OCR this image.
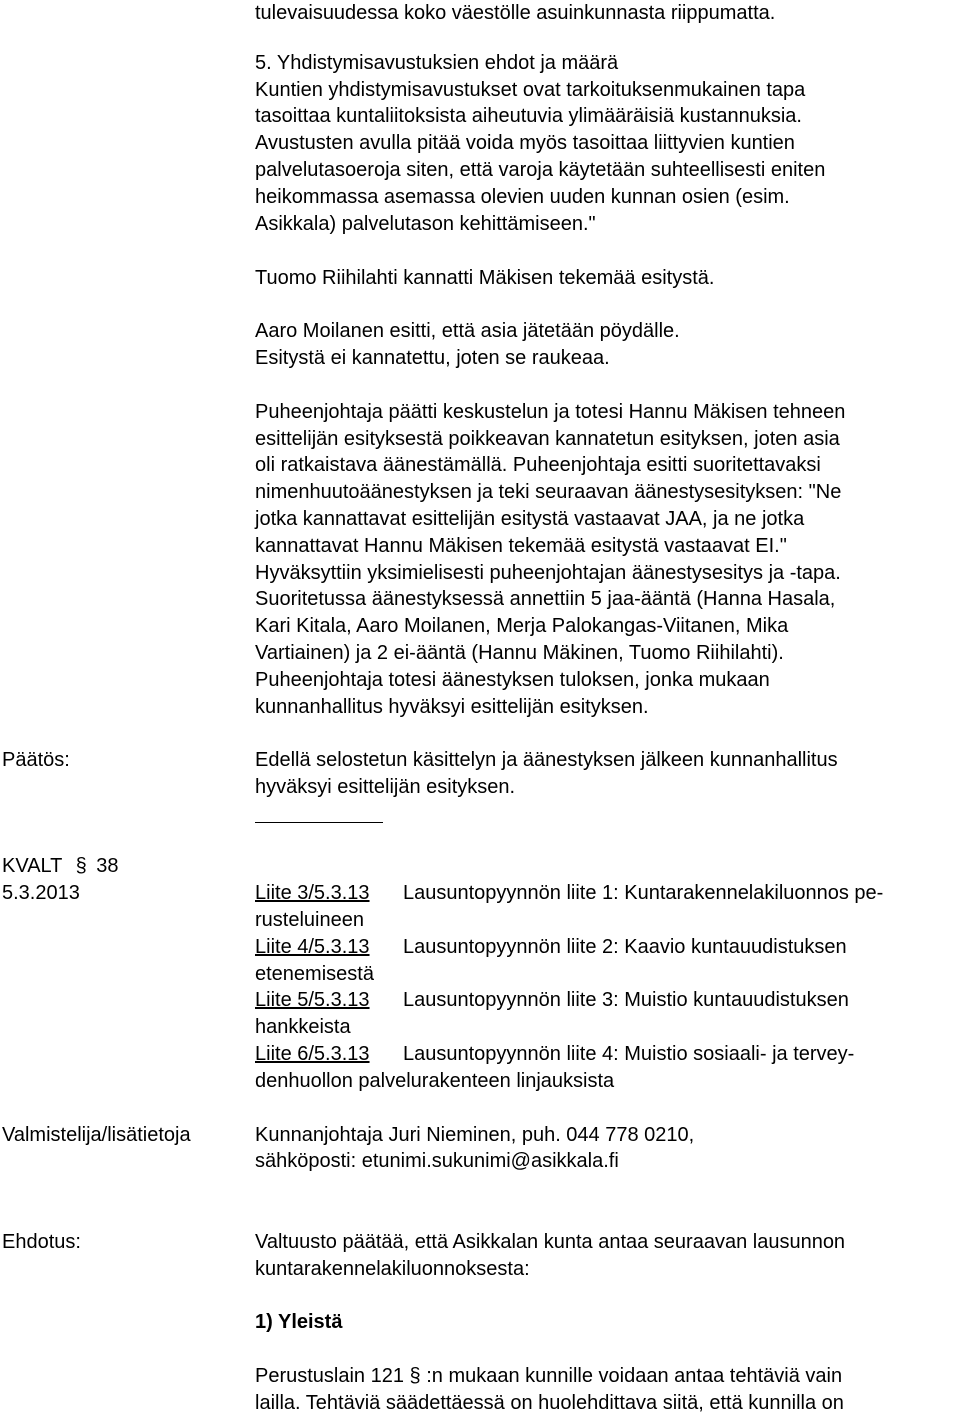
tulevaisuudessa koko väestölle asuinkunnasta riippumatta.
5. Yhdistymisavustuksien ehdot ja määrä
Kuntien yhdistymisavustukset ovat tarkoituksenmukainen tapa
tasoittaa kuntaliitoksista aiheutuvia ylimääräisiä kustannuksia.
Avustusten avulla pitää voida myös tasoittaa liittyvien kuntien
palvelutasoeroja siten, että varoja käytetään suhteellisesti eniten
heikommassa asemassa olevien uuden kunnan osien (esim.
Asikkala) palvelutason kehittämiseen."
Tuomo Riihilahti kannatti Mäkisen tekemää esitystä.
Aaro Moilanen esitti, että asia jätetään pöydälle.
Esitystä ei kannatettu, joten se raukeaa.
Puheenjohtaja päätti keskustelun ja totesi Hannu Mäkisen tehneen
esittelijän esityksestä poikkeavan kannatetun esityksen, joten asia
oli ratkaistava äänestämällä. Puheenjohtaja esitti suoritettavaksi
nimenhuutoäänestyksen ja teki seuraavan äänestysesityksen: "Ne
jotka kannattavat esittelijän esitystä vastaavat JAA, ja ne jotka
kannattavat Hannu Mäkisen tekemää esitystä vastaavat EI."
Hyväksyttiin yksimielisesti puheenjohtajan äänestysesitys ja -tapa.
Suoritetussa äänestyksessä annettiin 5 jaa-ääntä (Hanna Hasala,
Kari Kitala, Aaro Moilanen, Merja Palokangas-Viitanen, Mika
Vartiainen) ja 2 ei-ääntä (Hannu Mäkinen, Tuomo Riihilahti).
Puheenjohtaja totesi äänestyksen tuloksen, jonka mukaan
kunnanhallitus hyväksyi esittelijän esityksen.
Päätös:	Edellä selostetun käsittelyn ja äänestyksen jälkeen kunnanhallitus
hyväksyi esittelijän esityksen.
KVALT § 38
5.3.2013	Liite 3/5.3.13 Lausuntopyynnön liite 1: Kuntarakennelakiluonnos pe-
rusteluineen
Liite 4/5.3.13 Lausuntopyynnön liite 2: Kaavio kuntauudistuksen
etenemisestä
Liite 5/5.3.13 Lausuntopyynnön liite 3: Muistio kuntauudistuksen
hankkeista
Liite 6/5.3.13 Lausuntopyynnön liite 4: Muistio sosiaali- ja tervey-
denhuollon palvelurakenteen linjauksista
Valmistelija/lisätietoja	Kunnanjohtaja Juri Nieminen, puh. 044 778 0210,
sähköposti: etunimi.sukunimi@asikkala.fi
Ehdotus:	Valtuusto päätää, että Asikkalan kunta antaa seuraavan lausunnon
kuntarakennelakiluonnoksesta:
1) Yleistä
Perustuslain 121 § :n mukaan kunnille voidaan antaa tehtäviä vain
lailla. Tehtäviä säädettäessä on huolehdittava siitä, että kunnilla on
